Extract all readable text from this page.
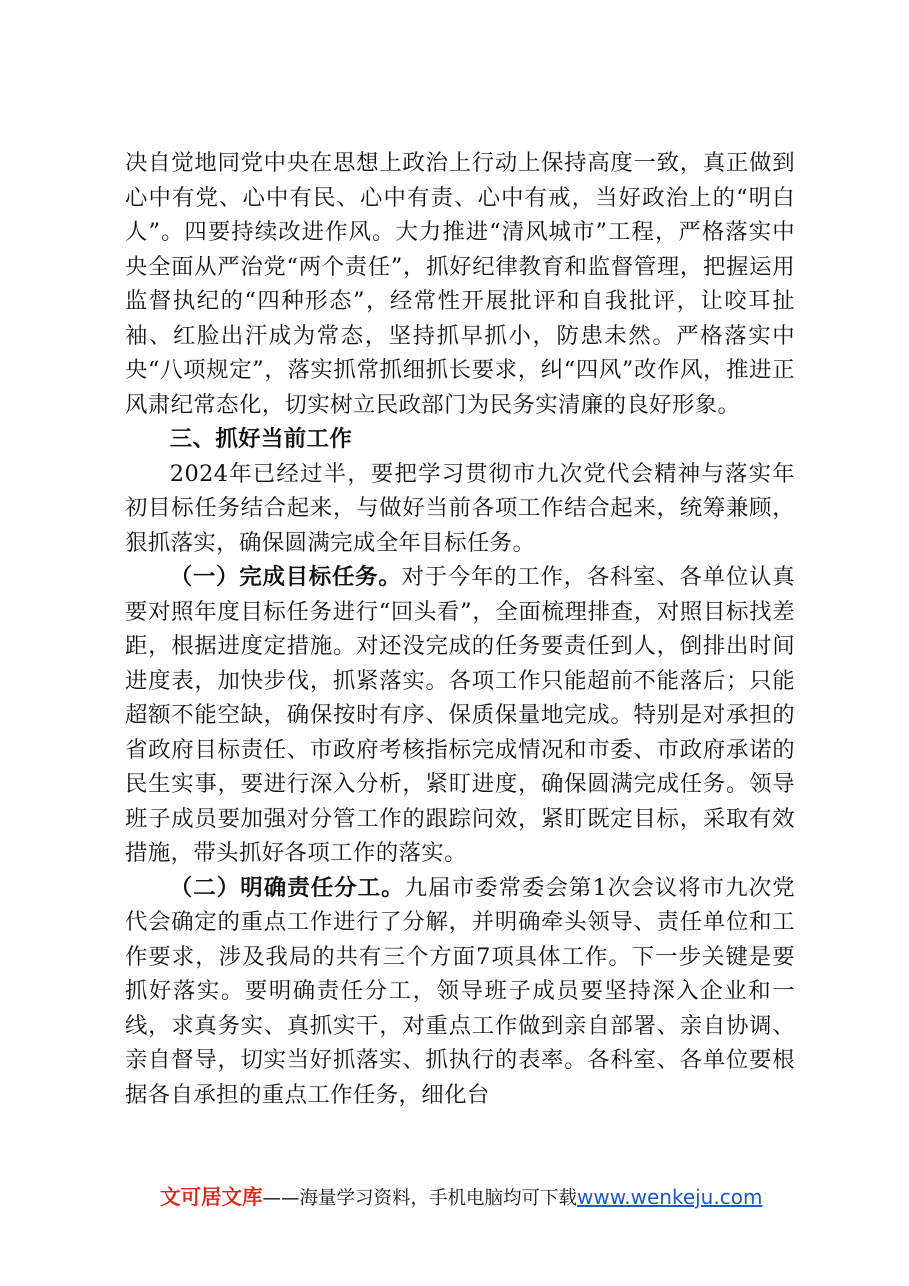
决自觉地同党中央在思想上政治上行动上保持高度一致，真正做到心中有党、心中有民、心中有责、心中有戒，当好政治上的“明白人”。四要持续改进作风。大力推进“清风城市”工程，严格落实中央全面从严治党“两个责任”，抓好纪律教育和监督管理，把握运用监督执纪的“四种形态”，经常性开展批评和自我批评，让咬耳扯袖、红脸出汗成为常态，坚持抓早抓小，防患未然。严格落实中央“八项规定”，落实抓常抓细抓长要求，纠“四风”改作风，推进正风肃纪常态化，切实树立民政部门为民务实清廉的良好形象。

三、抓好当前工作

2024年已经过半，要把学习贯彻市九次党代会精神与落实年初目标任务结合起来，与做好当前各项工作结合起来，统筹兼顾，狠抓落实，确保圆满完成全年目标任务。

（一）完成目标任务。对于今年的工作，各科室、各单位认真要对照年度目标任务进行“回头看”，全面梳理排查，对照目标找差距，根据进度定措施。对还没完成的任务要责任到人，倒排出时间进度表，加快步伐，抓紧落实。各项工作只能超前不能落后；只能超额不能空缺，确保按时有序、保质保量地完成。特别是对承担的省政府目标责任、市政府考核指标完成情况和市委、市政府承诺的民生实事，要进行深入分析，紧盯进度，确保圆满完成任务。领导班子成员要加强对分管工作的跟踪问效，紧盯既定目标，采取有效措施，带头抓好各项工作的落实。

（二）明确责任分工。九届市委常委会第1次会议将市九次党代会确定的重点工作进行了分解，并明确牵头领导、责任单位和工作要求，涉及我局的共有三个方面7项具体工作。下一步关键是要抓好落实。要明确责任分工，领导班子成员要坚持深入企业和一线，求真务实、真抓实干，对重点工作做到亲自部署、亲自协调、亲自督导，切实当好抓落实、抓执行的表率。各科室、各单位要根据各自承担的重点工作任务，细化台

文可居文库——海量学习资料，手机电脑均可下载www.wenkeju.com
